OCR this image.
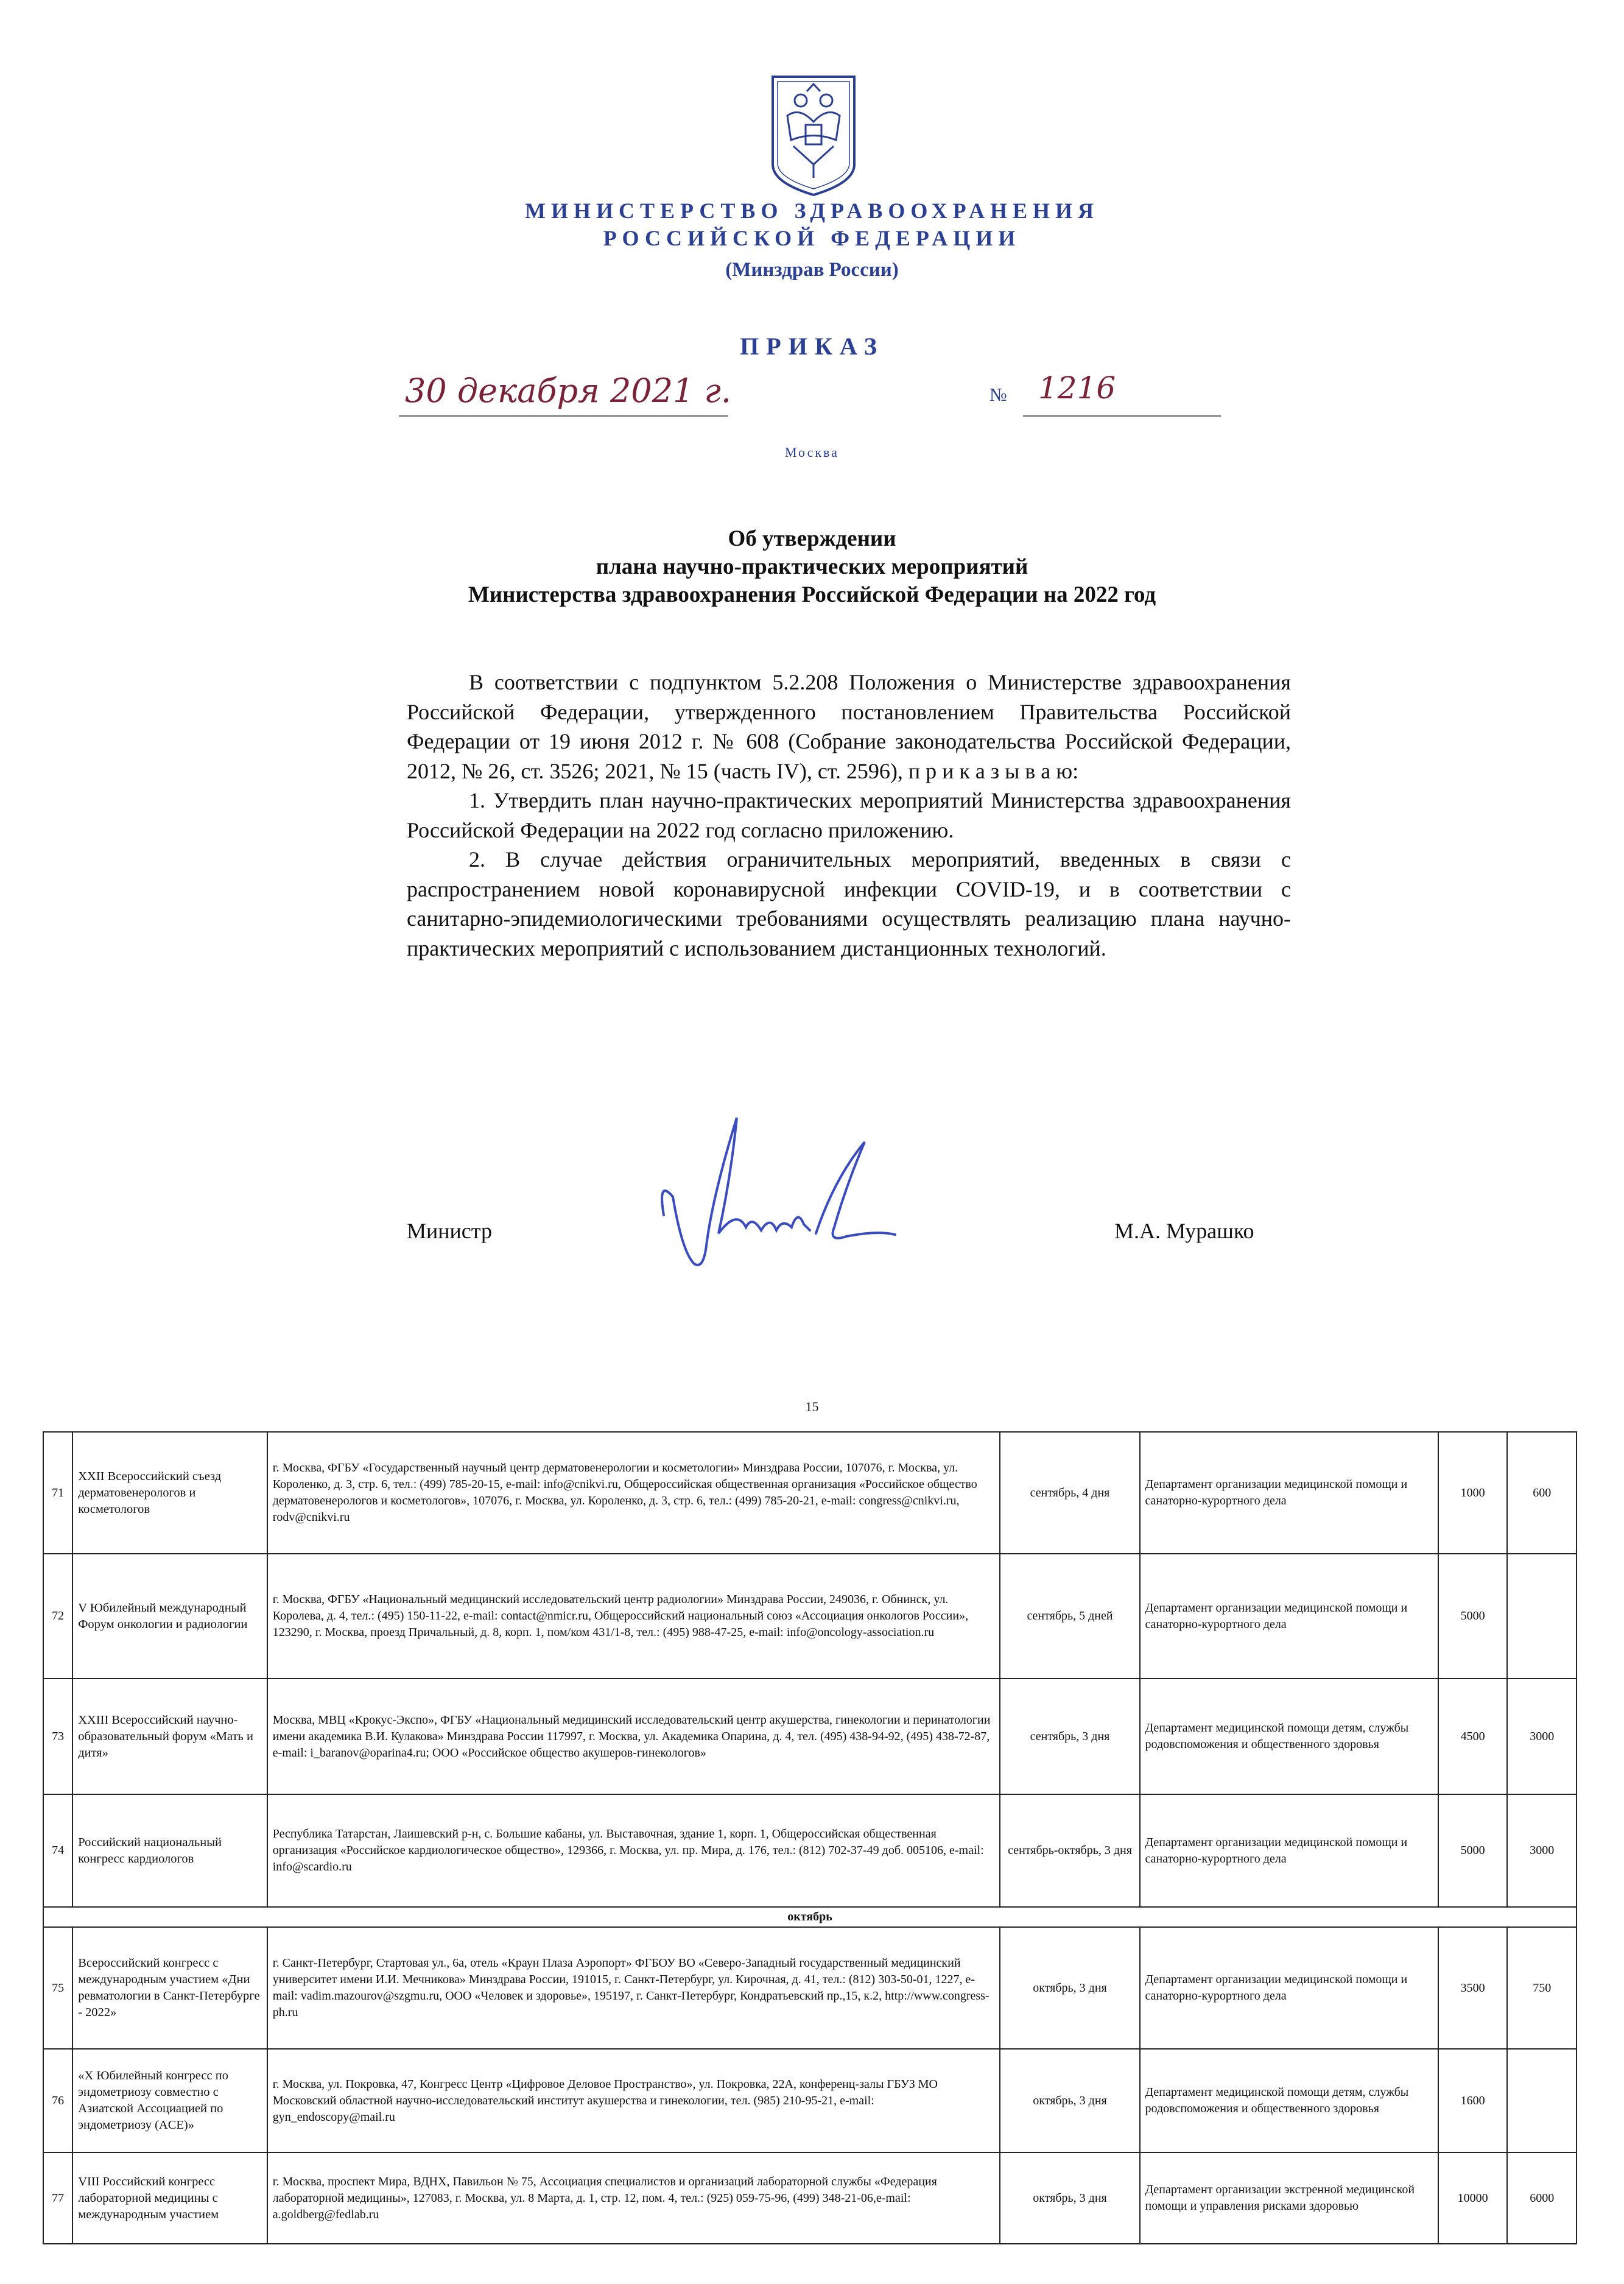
МИНИСТЕРСТВО ЗДРАВООХРАНЕНИЯ
РОССИЙСКОЙ ФЕДЕРАЦИИ
(Минздрав России)
ПРИКАЗ
30 декабря 2021 г.	№ 1216
Москва
Об утверждении
плана научно-практических мероприятий
Министерства здравоохранения Российской Федерации на 2022 год

В соответствии с подпунктом 5.2.208 Положения о Министерстве здравоохранения Российской Федерации, утвержденного постановлением Правительства Российской Федерации от 19 июня 2012 г. № 608 (Собрание законодательства Российской Федерации, 2012, № 26, ст. 3526; 2021, № 15 (часть IV), ст. 2596), п р и к а з ы в а ю:

1. Утвердить план научно-практических мероприятий Министерства здравоохранения Российской Федерации на 2022 год согласно приложению.

2. В случае действия ограничительных мероприятий, введенных в связи с распространением новой коронавирусной инфекции COVID-19, и в соответствии с санитарно-эпидемиологическими требованиями осуществлять реализацию плана научно-практических мероприятий с использованием дистанционных технологий.

Министр	М.А. Мурашко
15
71	XXII Всероссийский съезд дерматовенерологов и косметологов	г. Москва, ФГБУ «Государственный научный центр дерматовенерологии и косметологии» Минздрава России, 107076, г. Москва, ул. Короленко, д. 3, стр. 6, тел.: (499) 785-20-15, e-mail: info@cnikvi.ru, Общероссийская общественная организация «Российское общество дерматовенерологов и косметологов», 107076, г. Москва, ул. Короленко, д. 3, стр. 6, тел.: (499) 785-20-21, e-mail: congress@cnikvi.ru, rodv@cnikvi.ru	сентябрь, 4 дня	Департамент организации медицинской помощи и санаторно-курортного дела	1000	600
72	V Юбилейный международный Форум онкологии и радиологии	г. Москва, ФГБУ «Национальный медицинский исследовательский центр радиологии» Минздрава России, 249036, г. Обнинск, ул. Королева, д. 4, тел.: (495) 150-11-22, e-mail: contact@nmicr.ru, Общероссийский национальный союз «Ассоциация онкологов России», 123290, г. Москва, проезд Причальный, д. 8, корп. 1, пом/ком 431/1-8, тел.: (495) 988-47-25, e-mail: info@oncology-association.ru	сентябрь, 5 дней	Департамент организации медицинской помощи и санаторно-курортного дела	5000	
73	XXIII Всероссийский научно-образовательный форум «Мать и дитя»	Москва, МВЦ «Крокус-Экспо», ФГБУ «Национальный медицинский исследовательский центр акушерства, гинекологии и перинатологии имени академика В.И. Кулакова» Минздрава России 117997, г. Москва, ул. Академика Опарина, д. 4, тел. (495) 438-94-92, (495) 438-72-87, e-mail: i_baranov@oparina4.ru; ООО «Российское общество акушеров-гинекологов»	сентябрь, 3 дня	Департамент медицинской помощи детям, службы родовспоможения и общественного здоровья	4500	3000
74	Российский национальный конгресс кардиологов	Республика Татарстан, Лаишевский р-н, с. Большие кабаны, ул. Выставочная, здание 1, корп. 1, Общероссийская общественная организация «Российское кардиологическое общество», 129366, г. Москва, ул. пр. Мира, д. 176, тел.: (812) 702-37-49 доб. 005106, e-mail: info@scardio.ru	сентябрь-октябрь, 3 дня	Департамент организации медицинской помощи и санаторно-курортного дела	5000	3000
октябрь						
75	Всероссийский конгресс с международным участием «Дни ревматологии в Санкт-Петербурге - 2022»	г. Санкт-Петербург, Стартовая ул., 6а, отель «Краун Плаза Аэропорт» ФГБОУ ВО «Северо-Западный государственный медицинский университет имени И.И. Мечникова» Минздрава России, 191015, г. Санкт-Петербург, ул. Кирочная, д. 41, тел.: (812) 303-50-01, 1227, e-mail: vadim.mazourov@szgmu.ru, ООО «Человек и здоровье», 195197, г. Санкт-Петербург, Кондратьевский пр.,15, к.2, http://www.congress-ph.ru	октябрь, 3 дня	Департамент организации медицинской помощи и санаторно-курортного дела	3500	750
76	«Х Юбилейный конгресс по эндометриозу совместно с Азиатской Ассоциацией по эндометриозу (ACE)»	г. Москва, ул. Покровка, 47, Конгресс Центр «Цифровое Деловое Пространство», ул. Покровка, 22А, конференц-залы ГБУЗ МО Московский областной научно-исследовательский институт акушерства и гинекологии, тел. (985) 210-95-21, e-mail: gyn_endoscopy@mail.ru	октябрь, 3 дня	Департамент медицинской помощи детям, службы родовспоможения и общественного здоровья	1600	
77	VIII Российский конгресс лабораторной медицины с международным участием	г. Москва, проспект Мира, ВДНХ, Павильон № 75, Ассоциация специалистов и организаций лабораторной службы «Федерация лабораторной медицины», 127083, г. Москва, ул. 8 Марта, д. 1, стр. 12, пом. 4, тел.: (925) 059-75-96, (499) 348-21-06,e-mail: a.goldberg@fedlab.ru	октябрь, 3 дня	Департамент организации экстренной медицинской помощи и управления рисками здоровью	10000	6000
